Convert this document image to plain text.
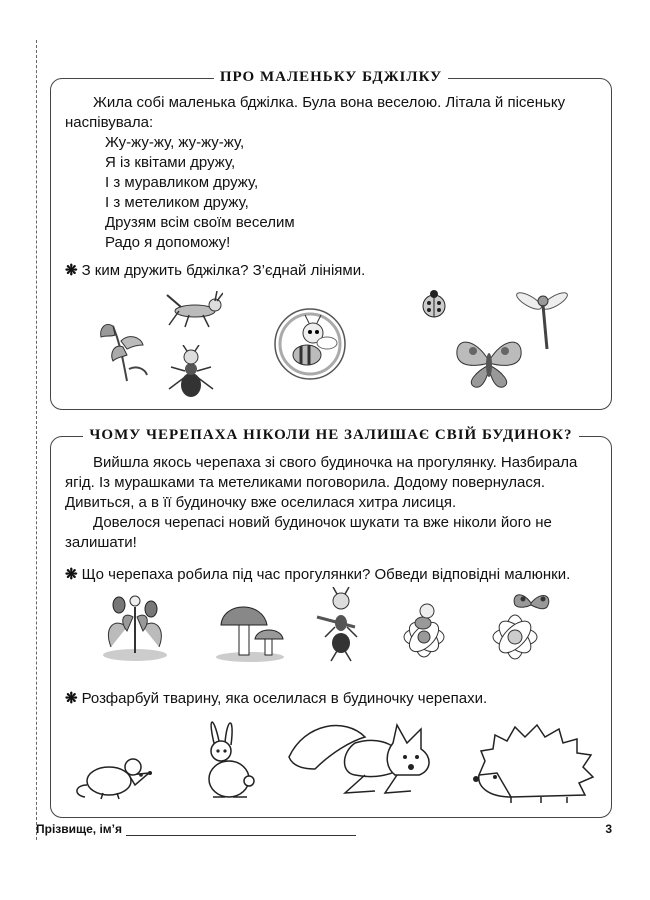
ПРО МАЛЕНЬКУ БДЖІЛКУ

Жила собі маленька бджілка. Була вона веселою. Літала й пісеньку наспівувала:

Жу-жу-жу, жу-жу-жу,

Я із квітами дружу,

І з муравликом дружу,

І з метеликом дружу,

Друзям всім своїм веселим

Радо я допоможу!

❋ З ким дружить бджілка? З’єднай лініями.
ЧОМУ ЧЕРЕПАХА НІКОЛИ НЕ ЗАЛИШАЄ СВІЙ БУДИНОК?

Вийшла якось черепаха зі свого будиночка на прогулянку. Назбирала ягід. Із мурашками та метеликами поговорила. Додому повернулася. Дивиться, а в її будиночку вже оселилася хитра лисиця.

Довелося черепасі новий будиночок шукати та вже ніколи його не залишати!

❋ Що черепаха робила під час прогулянки? Обведи відповідні малюнки.
❋ Розфарбуй тварину, яка оселилася в будиночку черепахи.
Прізвище, ім’я	3
